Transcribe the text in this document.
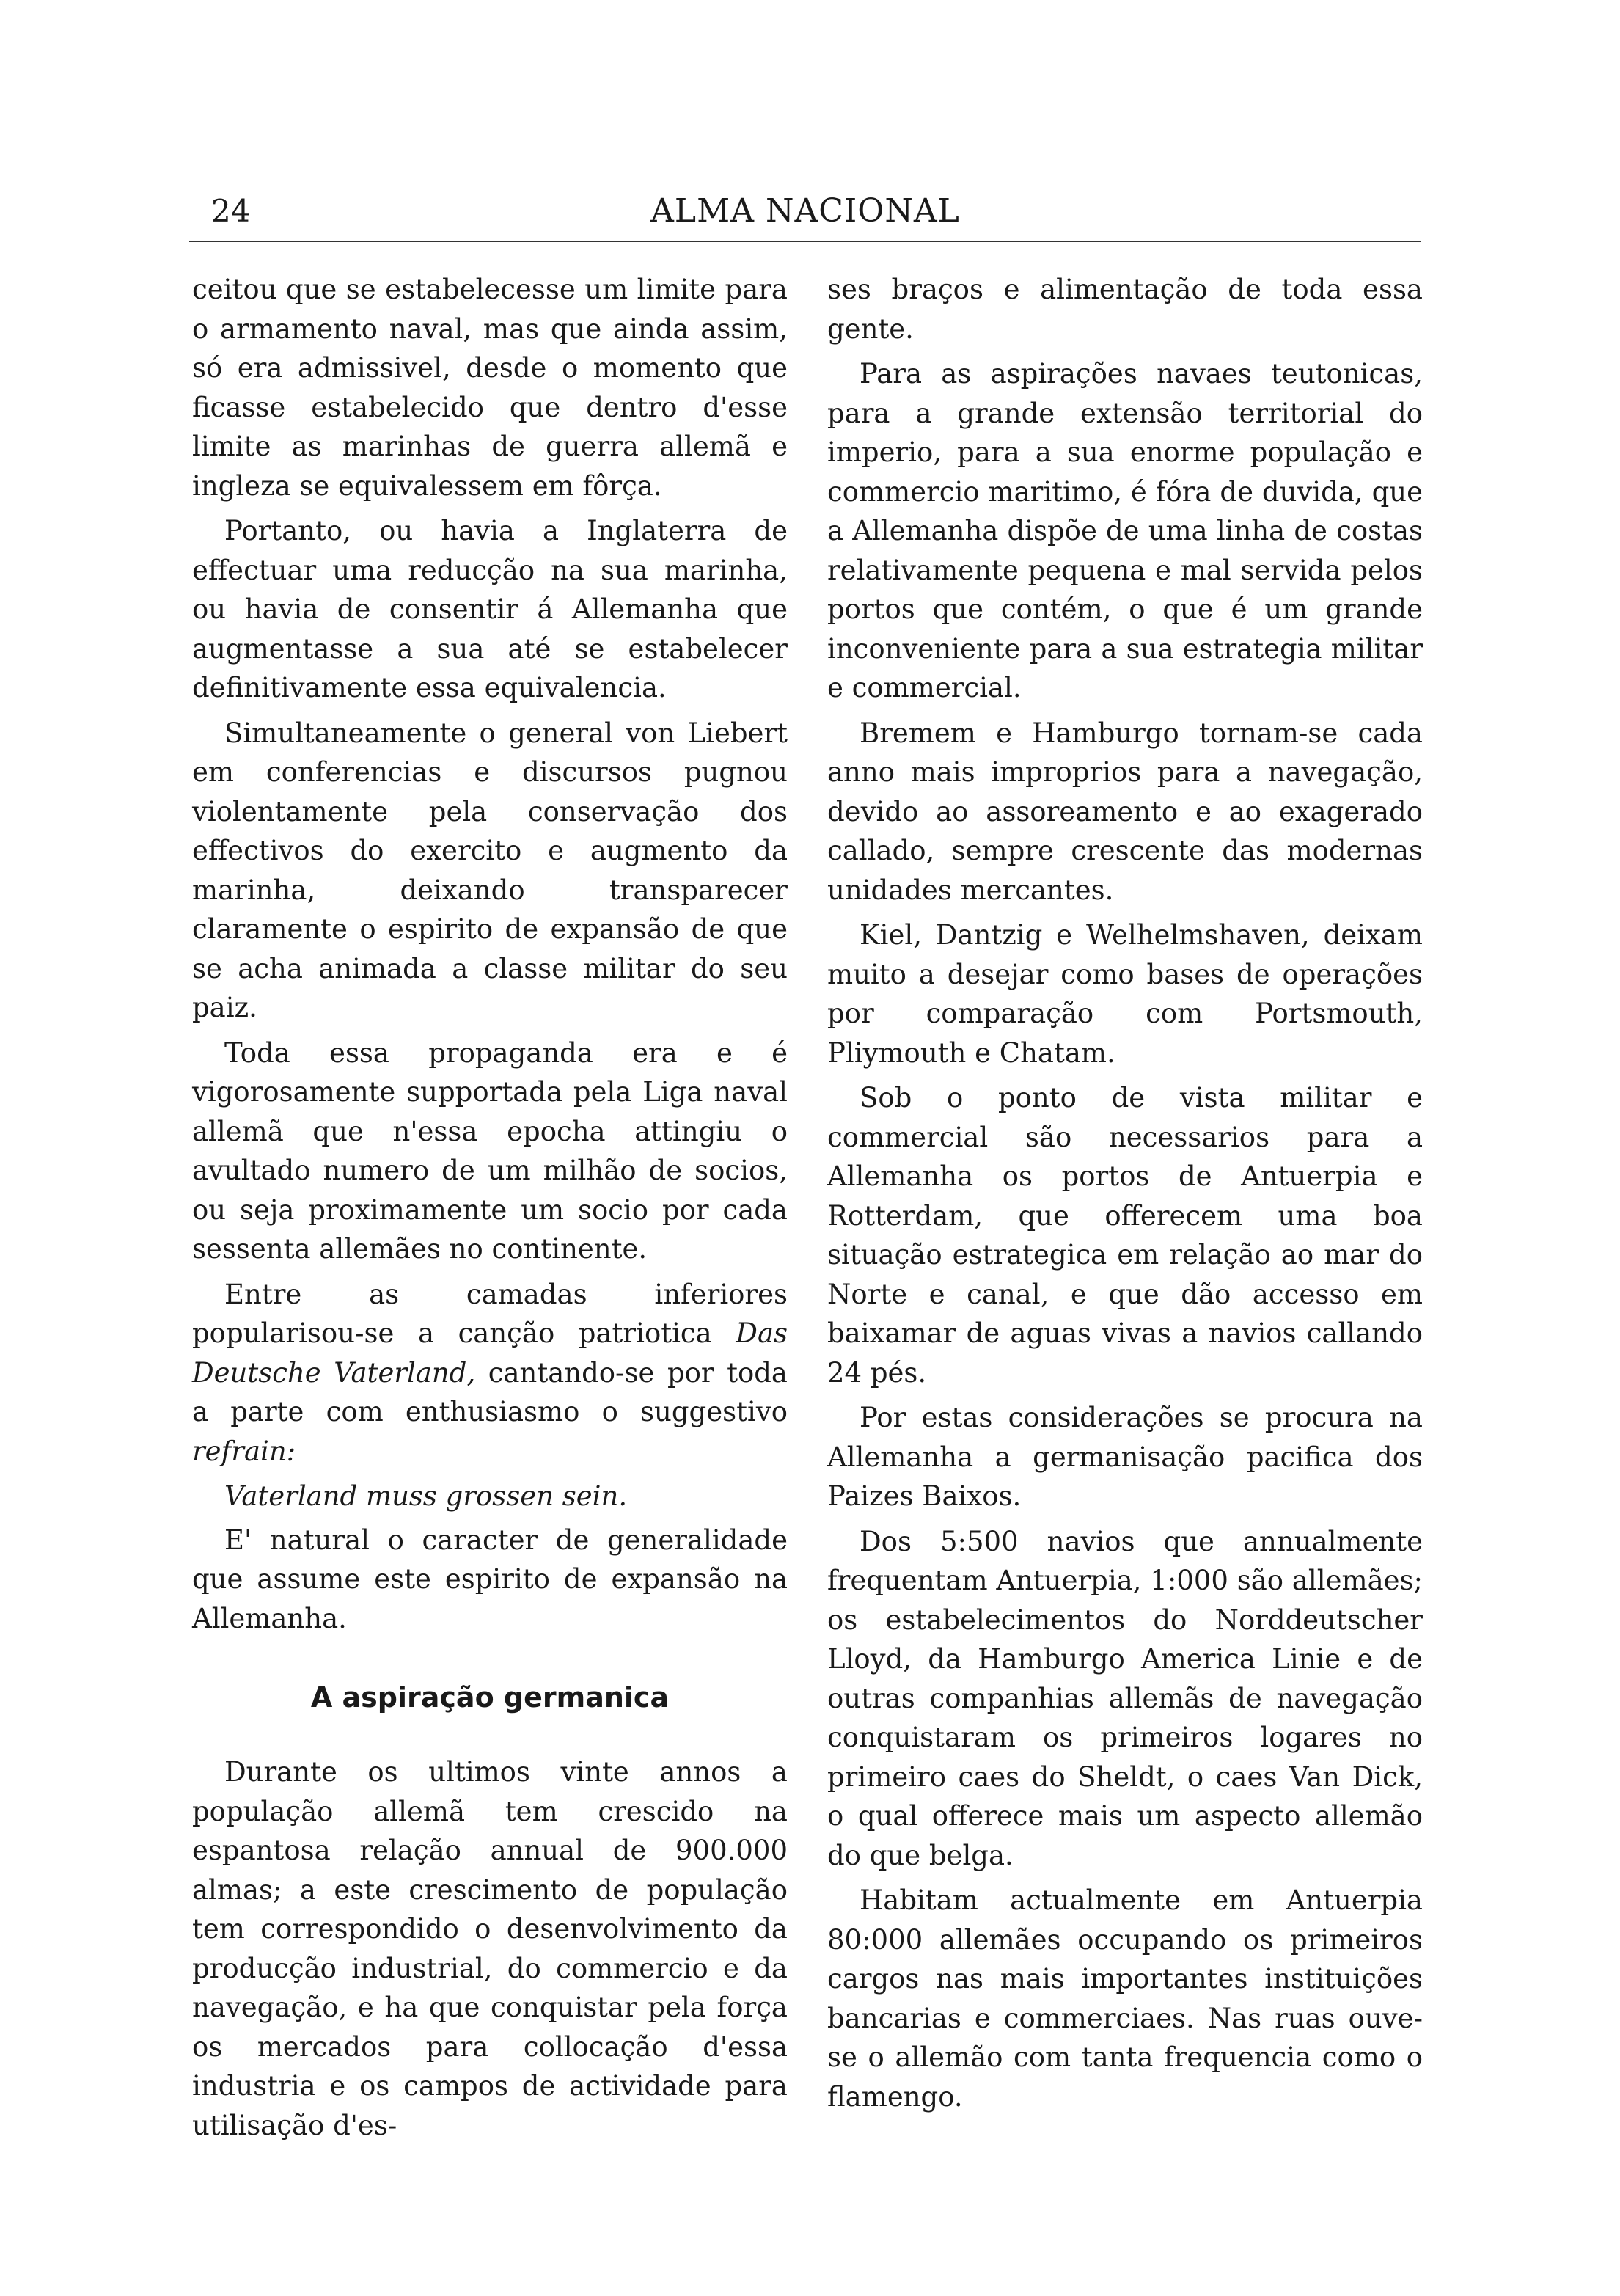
24	ALMA NACIONAL

ceitou que se estabelecesse um limite para o armamento naval, mas que ainda assim, só era admissivel, desde o momento que ficasse estabelecido que dentro d'esse limite as marinhas de guerra allemã e ingleza se equivalessem em fôrça.

Portanto, ou havia a Inglaterra de effectuar uma reducção na sua marinha, ou havia de consentir á Allemanha que augmentasse a sua até se estabelecer definitivamente essa equivalencia.

Simultaneamente o general von Liebert em conferencias e discursos pugnou violentamente pela conservação dos effectivos do exercito e augmento da marinha, deixando transparecer claramente o espirito de expansão de que se acha animada a classe militar do seu paiz.

Toda essa propaganda era e é vigorosamente supportada pela Liga naval allemã que n'essa epocha attingiu o avultado numero de um milhão de socios, ou seja proximamente um socio por cada sessenta allemães no continente.

Entre as camadas inferiores popularisou-se a canção patriotica Das Deutsche Vaterland, cantando-se por toda a parte com enthusiasmo o suggestivo refrain:

Vaterland muss grossen sein.

E' natural o caracter de generalidade que assume este espirito de expansão na Allemanha.

A aspiração germanica

Durante os ultimos vinte annos a população allemã tem crescido na espantosa relação annual de 900.000 almas; a este crescimento de população tem correspondido o desenvolvimento da producção industrial, do commercio e da navegação, e ha que conquistar pela força os mercados para collocação d'essa industria e os campos de actividade para utilisação d'es-

ses braços e alimentação de toda essa gente.

Para as aspirações navaes teutonicas, para a grande extensão territorial do imperio, para a sua enorme população e commercio maritimo, é fóra de duvida, que a Allemanha dispõe de uma linha de costas relativamente pequena e mal servida pelos portos que contém, o que é um grande inconveniente para a sua estrategia militar e commercial.

Bremem e Hamburgo tornam-se cada anno mais improprios para a navegação, devido ao assoreamento e ao exagerado callado, sempre crescente das modernas unidades mercantes.

Kiel, Dantzig e Welhelmshaven, deixam muito a desejar como bases de operações por comparação com Portsmouth, Pliymouth e Chatam.

Sob o ponto de vista militar e commercial são necessarios para a Allemanha os portos de Antuerpia e Rotterdam, que offerecem uma boa situação estrategica em relação ao mar do Norte e canal, e que dão accesso em baixamar de aguas vivas a navios callando 24 pés.

Por estas considerações se procura na Allemanha a germanisação pacifica dos Paizes Baixos.

Dos 5:500 navios que annualmente frequentam Antuerpia, 1:000 são allemães; os estabelecimentos do Norddeutscher Lloyd, da Hamburgo America Linie e de outras companhias allemãs de navegação conquistaram os primeiros logares no primeiro caes do Sheldt, o caes Van Dick, o qual offerece mais um aspecto allemão do que belga.

Habitam actualmente em Antuerpia 80:000 allemães occupando os primeiros cargos nas mais importantes instituições bancarias e commerciaes. Nas ruas ouve-se o allemão com tanta frequencia como o flamengo.
